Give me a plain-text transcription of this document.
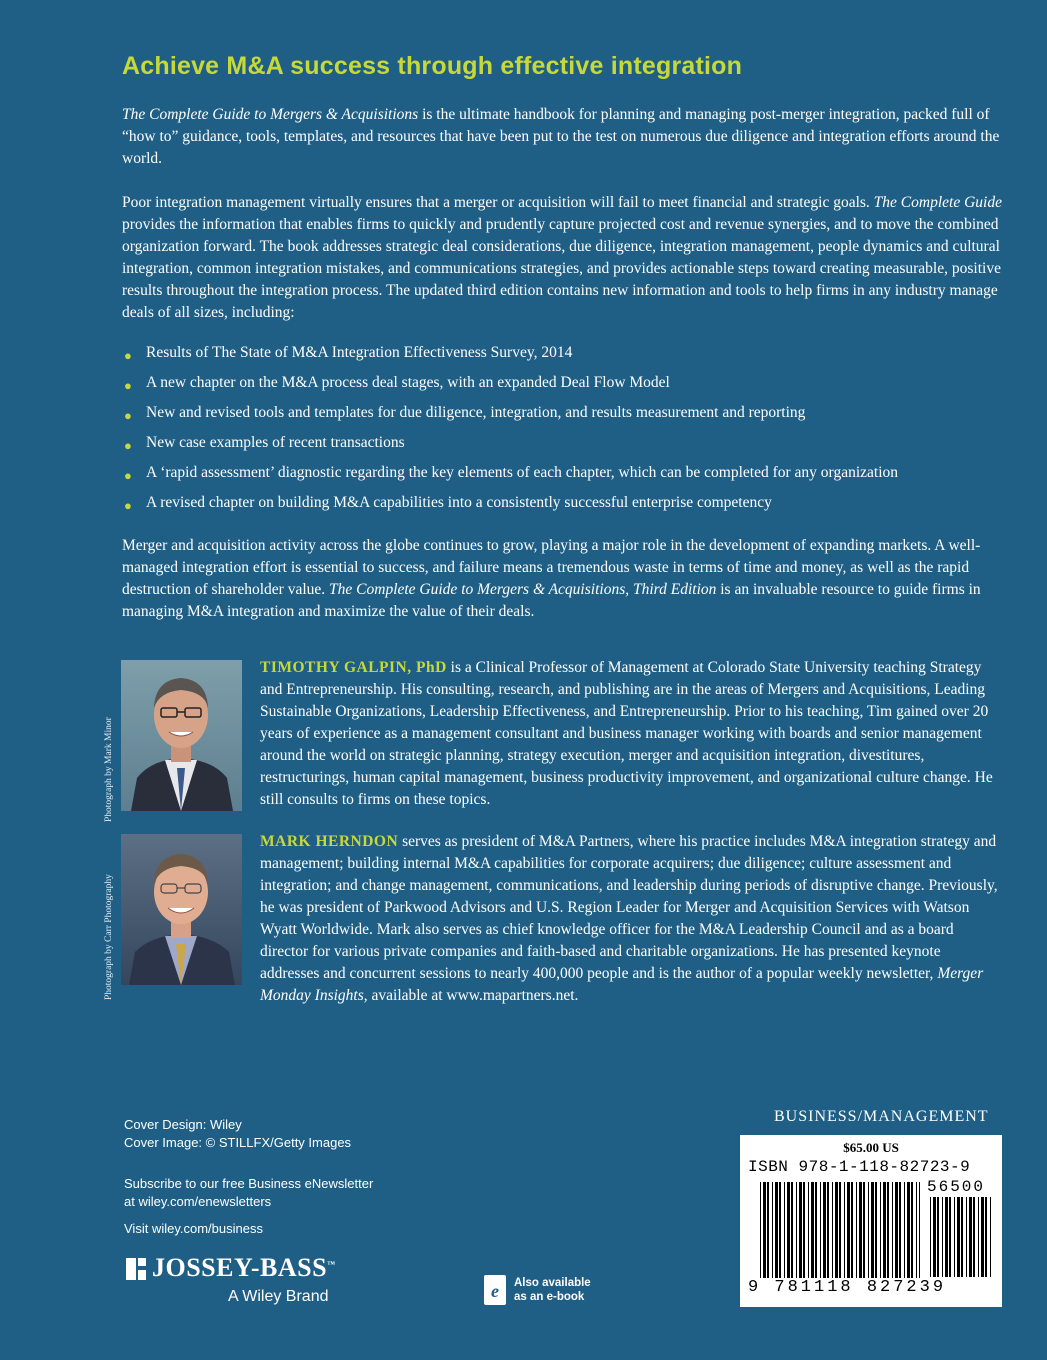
Achieve M&A success through effective integration

The Complete Guide to Mergers & Acquisitions is the ultimate handbook for planning and managing post-merger integration, packed full of “how to” guidance, tools, templates, and resources that have been put to the test on numerous due diligence and integration efforts around the world.

Poor integration management virtually ensures that a merger or acquisition will fail to meet financial and strategic goals. The Complete Guide provides the information that enables firms to quickly and prudently capture projected cost and revenue synergies, and to move the combined organization forward. The book addresses strategic deal considerations, due diligence, integration management, people dynamics and cultural integration, common integration mistakes, and communications strategies, and provides actionable steps toward creating measurable, positive results throughout the integration process. The updated third edition contains new information and tools to help firms in any industry manage deals of all sizes, including:

● Results of The State of M&A Integration Effectiveness Survey, 2014
● A new chapter on the M&A process deal stages, with an expanded Deal Flow Model
● New and revised tools and templates for due diligence, integration, and results measurement and reporting
● New case examples of recent transactions
● A ‘rapid assessment’ diagnostic regarding the key elements of each chapter, which can be completed for any organization
● A revised chapter on building M&A capabilities into a consistently successful enterprise competency

Merger and acquisition activity across the globe continues to grow, playing a major role in the development of expanding markets. A well-managed integration effort is essential to success, and failure means a tremendous waste in terms of time and money, as well as the rapid destruction of shareholder value. The Complete Guide to Mergers & Acquisitions, Third Edition is an invaluable resource to guide firms in managing M&A integration and maximize the value of their deals.

Photograph by Mark Minor

TIMOTHY GALPIN, PhD is a Clinical Professor of Management at Colorado State University teaching Strategy and Entrepreneurship. His consulting, research, and publishing are in the areas of Mergers and Acquisitions, Leading Sustainable Organizations, Leadership Effectiveness, and Entrepreneurship. Prior to his teaching, Tim gained over 20 years of experience as a management consultant and business manager working with boards and senior management around the world on strategic planning, strategy execution, merger and acquisition integration, divestitures, restructurings, human capital management, business productivity improvement, and organizational culture change. He still consults to firms on these topics.

Photograph by Carr Photography

MARK HERNDON serves as president of M&A Partners, where his practice includes M&A integration strategy and management; building internal M&A capabilities for corporate acquirers; due diligence; culture assessment and integration; and change management, communications, and leadership during periods of disruptive change. Previously, he was president of Parkwood Advisors and U.S. Region Leader for Merger and Acquisition Services with Watson Wyatt Worldwide. Mark also serves as chief knowledge officer for the M&A Leadership Council and as a board director for various private companies and faith-based and charitable organizations. He has presented keynote addresses and concurrent sessions to nearly 400,000 people and is the author of a popular weekly newsletter, Merger Monday Insights, available at www.mapartners.net.

Cover Design: Wiley
Cover Image: © STILLFX/Getty Images
Subscribe to our free Business eNewsletter
at wiley.com/enewsletters
Visit wiley.com/business
JOSSEY-BASS™
A Wiley Brand	e Also available
as an e-book
BUSINESS/MANAGEMENT
$65.00 US
ISBN 978-1-118-82723-9
56500
9 781118 827239
